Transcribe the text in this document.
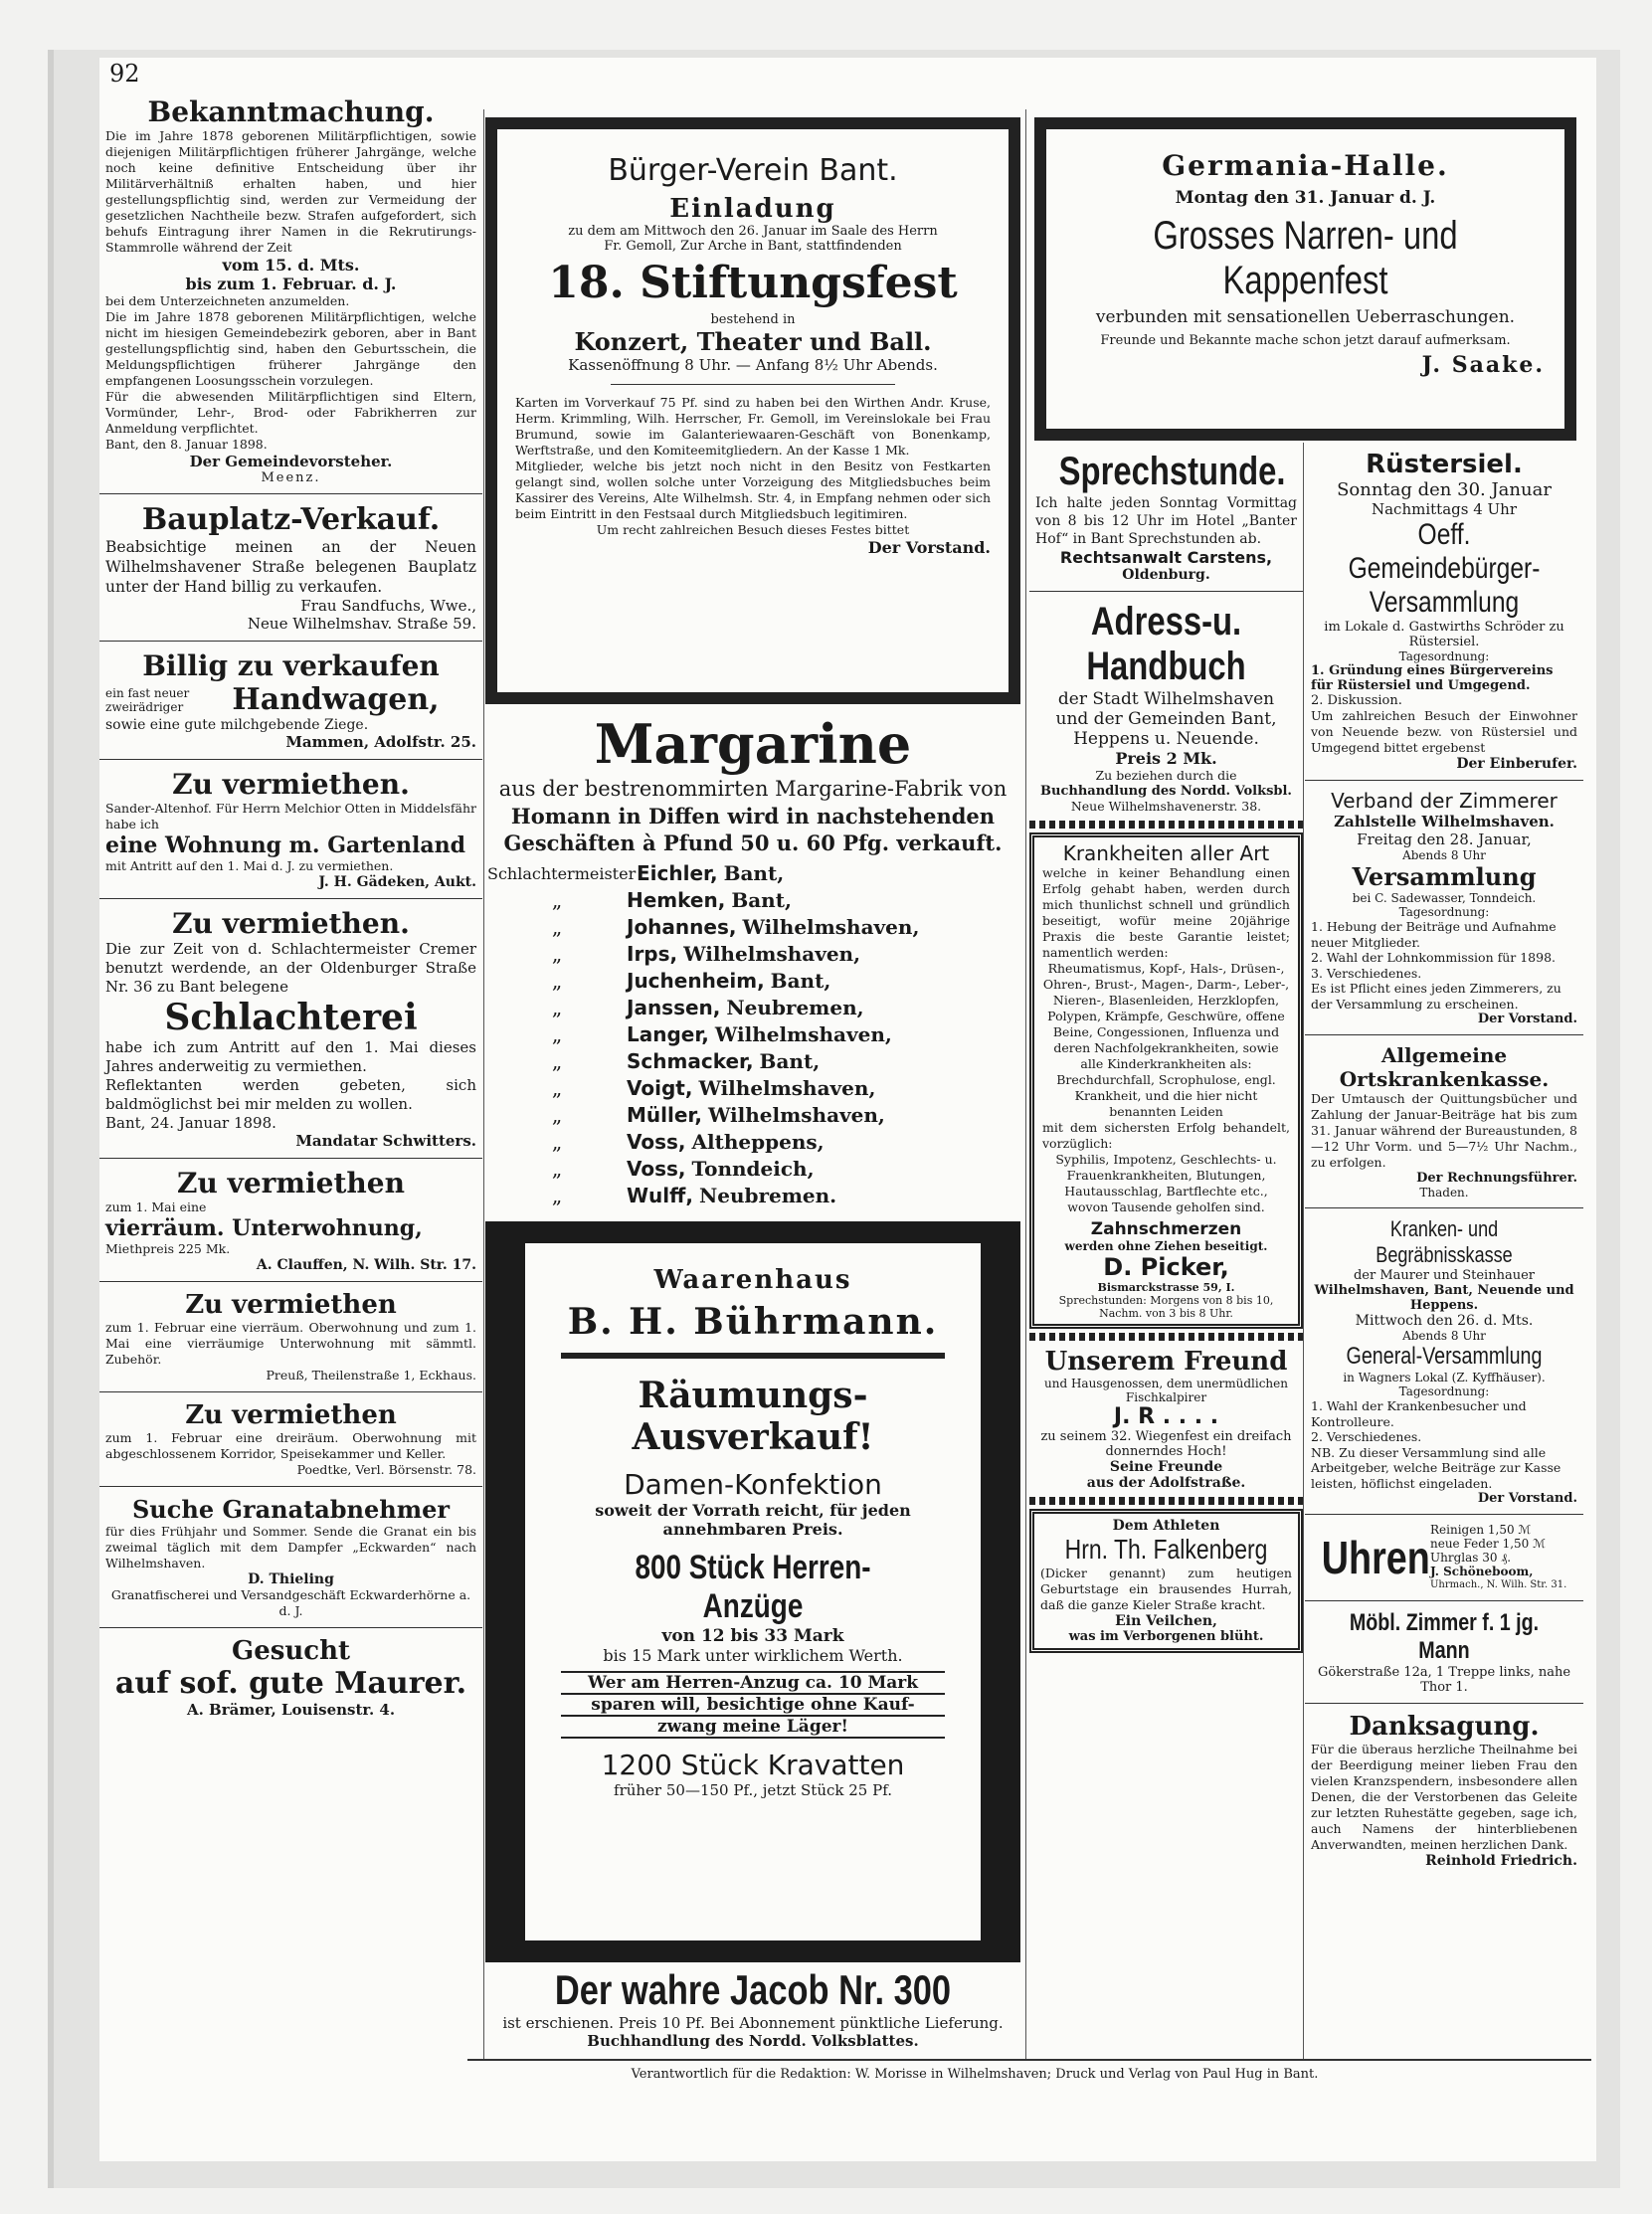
92

Bekanntmachung.

Die im Jahre 1878 geborenen Militärpflichtigen, sowie diejenigen Militärpflichtigen früherer Jahrgänge, welche noch keine definitive Entscheidung über ihr Militärverhältniß erhalten haben, und hier gestellungspflichtig sind, werden zur Vermeidung der gesetzlichen Nachtheile bezw. Strafen aufgefordert, sich behufs Eintragung ihrer Namen in die Rekrutirungs-Stammrolle während der Zeit

vom 15. d. Mts.

bis zum 1. Februar. d. J.

bei dem Unterzeichneten anzumelden.

Die im Jahre 1878 geborenen Militärpflichtigen, welche nicht im hiesigen Gemeindebezirk geboren, aber in Bant gestellungspflichtig sind, haben den Geburtsschein, die Meldungspflichtigen früherer Jahrgänge den empfangenen Loosungsschein vorzulegen.

Für die abwesenden Militärpflichtigen sind Eltern, Vormünder, Lehr-, Brod- oder Fabrikherren zur Anmeldung verpflichtet.

Bant, den 8. Januar 1898.

Der Gemeindevorsteher.

Meenz.

Bauplatz-Verkauf.

Beabsichtige meinen an der Neuen Wilhelmshavener Straße belegenen Bauplatz unter der Hand billig zu verkaufen.

Frau Sandfuchs, Wwe.,

Neue Wilhelmshav. Straße 59.

Billig zu verkaufen

ein fast neuer

zweirädriger	Handwagen,

sowie eine gute milchgebende Ziege.

Mammen, Adolfstr. 25.

Zu vermiethen.

Sander-Altenhof. Für Herrn Melchior Otten in Middelsfähr habe ich

eine Wohnung m. Gartenland

mit Antritt auf den 1. Mai d. J. zu vermiethen.

J. H. Gädeken, Aukt.

Zu vermiethen.

Die zur Zeit von d. Schlachtermeister Cremer benutzt werdende, an der Oldenburger Straße Nr. 36 zu Bant belegene

Schlachterei

habe ich zum Antritt auf den 1. Mai dieses Jahres anderweitig zu vermiethen.

Reflektanten werden gebeten, sich baldmöglichst bei mir melden zu wollen.

Bant, 24. Januar 1898.

Mandatar Schwitters.

Zu vermiethen

zum 1. Mai eine

vierräum. Unterwohnung,

Miethpreis 225 Mk.

A. Clauffen, N. Wilh. Str. 17.

Zu vermiethen

zum 1. Februar eine vierräum. Oberwohnung und zum 1. Mai eine vierräumige Unterwohnung mit sämmtl. Zubehör.

Preuß, Theilenstraße 1, Eckhaus.

Zu vermiethen

zum 1. Februar eine dreiräum. Oberwohnung mit abgeschlossenem Korridor, Speisekammer und Keller.

Poedtke, Verl. Börsenstr. 78.

Suche Granatabnehmer

für dies Frühjahr und Sommer. Sende die Granat ein bis zweimal täglich mit dem Dampfer „Eckwarden“ nach Wilhelmshaven.

D. Thieling

Granatfischerei und Versandgeschäft Eckwarderhörne a. d. J.

Gesucht

auf sof. gute Maurer.

A. Brämer, Louisenstr. 4.

Bürger-Verein Bant.

Einladung

zu dem am Mittwoch den 26. Januar im Saale des Herrn

Fr. Gemoll, Zur Arche in Bant, stattfindenden

18. Stiftungsfest

bestehend in

Konzert, Theater und Ball.

Kassenöffnung 8 Uhr. — Anfang 8½ Uhr Abends.

Karten im Vorverkauf 75 Pf. sind zu haben bei den Wirthen Andr. Kruse, Herm. Krimmling, Wilh. Herrscher, Fr. Gemoll, im Vereinslokale bei Frau Brumund, sowie im Galanteriewaaren-Geschäft von Bonenkamp, Werftstraße, und den Komiteemitgliedern. An der Kasse 1 Mk.

Mitglieder, welche bis jetzt noch nicht in den Besitz von Festkarten gelangt sind, wollen solche unter Vorzeigung des Mitgliedsbuches beim Kassirer des Vereins, Alte Wilhelmsh. Str. 4, in Empfang nehmen oder sich beim Eintritt in den Festsaal durch Mitgliedsbuch legitimiren.

Um recht zahlreichen Besuch dieses Festes bittet

Der Vorstand.

Margarine

aus der bestrenommirten Margarine-Fabrik von

Homann in Diffen wird in nachstehenden

Geschäften à Pfund 50 u. 60 Pfg. verkauft.

Schlachtermeister Eichler, Bant,
„	Hemken, Bant,
„	Johannes, Wilhelmshaven,
„	Irps, Wilhelmshaven,
„	Juchenheim, Bant,
„	Janssen, Neubremen,
„	Langer, Wilhelmshaven,
„	Schmacker, Bant,
„	Voigt, Wilhelmshaven,
„	Müller, Wilhelmshaven,
„	Voss, Altheppens,
„	Voss, Tonndeich,
„	Wulff, Neubremen.

Waarenhaus

B. H. Bührmann.

Räumungs-Ausverkauf!

Damen-Konfektion

soweit der Vorrath reicht, für jeden annehmbaren Preis.

800 Stück Herren-Anzüge

von 12 bis 33 Mark

bis 15 Mark unter wirklichem Werth.

Wer am Herren-Anzug ca. 10 Mark

sparen will, besichtige ohne Kauf-

zwang meine Läger!

1200 Stück Kravatten

früher 50—150 Pf., jetzt Stück 25 Pf.

Der wahre Jacob Nr. 300

ist erschienen. Preis 10 Pf. Bei Abonnement pünktliche Lieferung.

Buchhandlung des Nordd. Volksblattes.

Germania-Halle.

Montag den 31. Januar d. J.

Grosses Narren- und Kappenfest

verbunden mit sensationellen Ueberraschungen.

Freunde und Bekannte mache schon jetzt darauf aufmerksam.

J. Saake.

Sprechstunde.

Ich halte jeden Sonntag Vormittag von 8 bis 12 Uhr im Hotel „Banter Hof“ in Bant Sprechstunden ab.

Rechtsanwalt Carstens,

Oldenburg.

Adress-u. Handbuch

der Stadt Wilhelmshaven

und der Gemeinden Bant,

Heppens u. Neuende.

Preis 2 Mk.

Zu beziehen durch die

Buchhandlung des Nordd. Volksbl.

Neue Wilhelmshavenerstr. 38.

Krankheiten aller Art

welche in keiner Behandlung einen Erfolg gehabt haben, werden durch mich thunlichst schnell und gründlich beseitigt, wofür meine 20jährige Praxis die beste Garantie leistet; namentlich werden:

Rheumatismus, Kopf-, Hals-, Drüsen-, Ohren-, Brust-, Magen-, Darm-, Leber-, Nieren-, Blasenleiden, Herzklopfen, Polypen, Krämpfe, Geschwüre, offene Beine, Congessionen, Influenza und deren Nachfolgekrankheiten, sowie alle Kinderkrankheiten als: Brechdurchfall, Scrophulose, engl. Krankheit, und die hier nicht benannten Leiden

mit dem sichersten Erfolg behandelt, vorzüglich:

Syphilis, Impotenz, Geschlechts- u. Frauenkrankheiten, Blutungen, Hautausschlag, Bartflechte etc., wovon Tausende geholfen sind.

Zahnschmerzen

werden ohne Ziehen beseitigt.

D. Picker,

Bismarckstrasse 59, I.

Sprechstunden: Morgens von 8 bis 10, Nachm. von 3 bis 8 Uhr.

Unserem Freund

und Hausgenossen, dem unermüdlichen Fischkalpirer

J. R . . . .

zu seinem 32. Wiegenfest ein dreifach donnerndes Hoch!

Seine Freunde

aus der Adolfstraße.

Dem Athleten

Hrn. Th. Falkenberg

(Dicker genannt) zum heutigen Geburtstage ein brausendes Hurrah, daß die ganze Kieler Straße kracht.

Ein Veilchen,

was im Verborgenen blüht.

Rüstersiel.

Sonntag den 30. Januar

Nachmittags 4 Uhr

Oeff. Gemeindebürger-

Versammlung

im Lokale d. Gastwirths Schröder zu Rüstersiel.

Tagesordnung:

1. Gründung eines Bürgervereins für Rüstersiel und Umgegend.

2. Diskussion.

Um zahlreichen Besuch der Einwohner von Neuende bezw. von Rüstersiel und Umgegend bittet ergebenst

Der Einberufer.

Verband der Zimmerer

Zahlstelle Wilhelmshaven.

Freitag den 28. Januar,

Abends 8 Uhr

Versammlung

bei C. Sadewasser, Tonndeich.

Tagesordnung:

1. Hebung der Beiträge und Aufnahme neuer Mitglieder.

2. Wahl der Lohnkommission für 1898.

3. Verschiedenes.

Es ist Pflicht eines jeden Zimmerers, zu der Versammlung zu erscheinen.

Der Vorstand.

Allgemeine Ortskrankenkasse.

Der Umtausch der Quittungsbücher und Zahlung der Januar-Beiträge hat bis zum 31. Januar während der Bureaustunden, 8—12 Uhr Vorm. und 5—7½ Uhr Nachm., zu erfolgen.

Der Rechnungsführer.

Thaden.

Kranken- und Begräbnisskasse

der Maurer und Steinhauer

Wilhelmshaven, Bant, Neuende und Heppens.

Mittwoch den 26. d. Mts.

Abends 8 Uhr

General-Versammlung

in Wagners Lokal (Z. Kyffhäuser).

Tagesordnung:

1. Wahl der Krankenbesucher und Kontrolleure.

2. Verschiedenes.

NB. Zu dieser Versammlung sind alle Arbeitgeber, welche Beiträge zur Kasse leisten, höflichst eingeladen.

Der Vorstand.

Uhren

Reinigen 1,50 ℳ

neue Feder 1,50 ℳ

Uhrglas 30 ₰.

J. Schöneboom,

Uhrmach., N. Wilh. Str. 31.

Möbl. Zimmer f. 1 jg. Mann

Gökerstraße 12a, 1 Treppe links, nahe Thor 1.

Danksagung.

Für die überaus herzliche Theilnahme bei der Beerdigung meiner lieben Frau den vielen Kranzspendern, insbesondere allen Denen, die der Verstorbenen das Geleite zur letzten Ruhestätte gegeben, sage ich, auch Namens der hinterbliebenen Anverwandten, meinen herzlichen Dank.

Reinhold Friedrich.

Verantwortlich für die Redaktion: W. Morisse in Wilhelmshaven; Druck und Verlag von Paul Hug in Bant.
